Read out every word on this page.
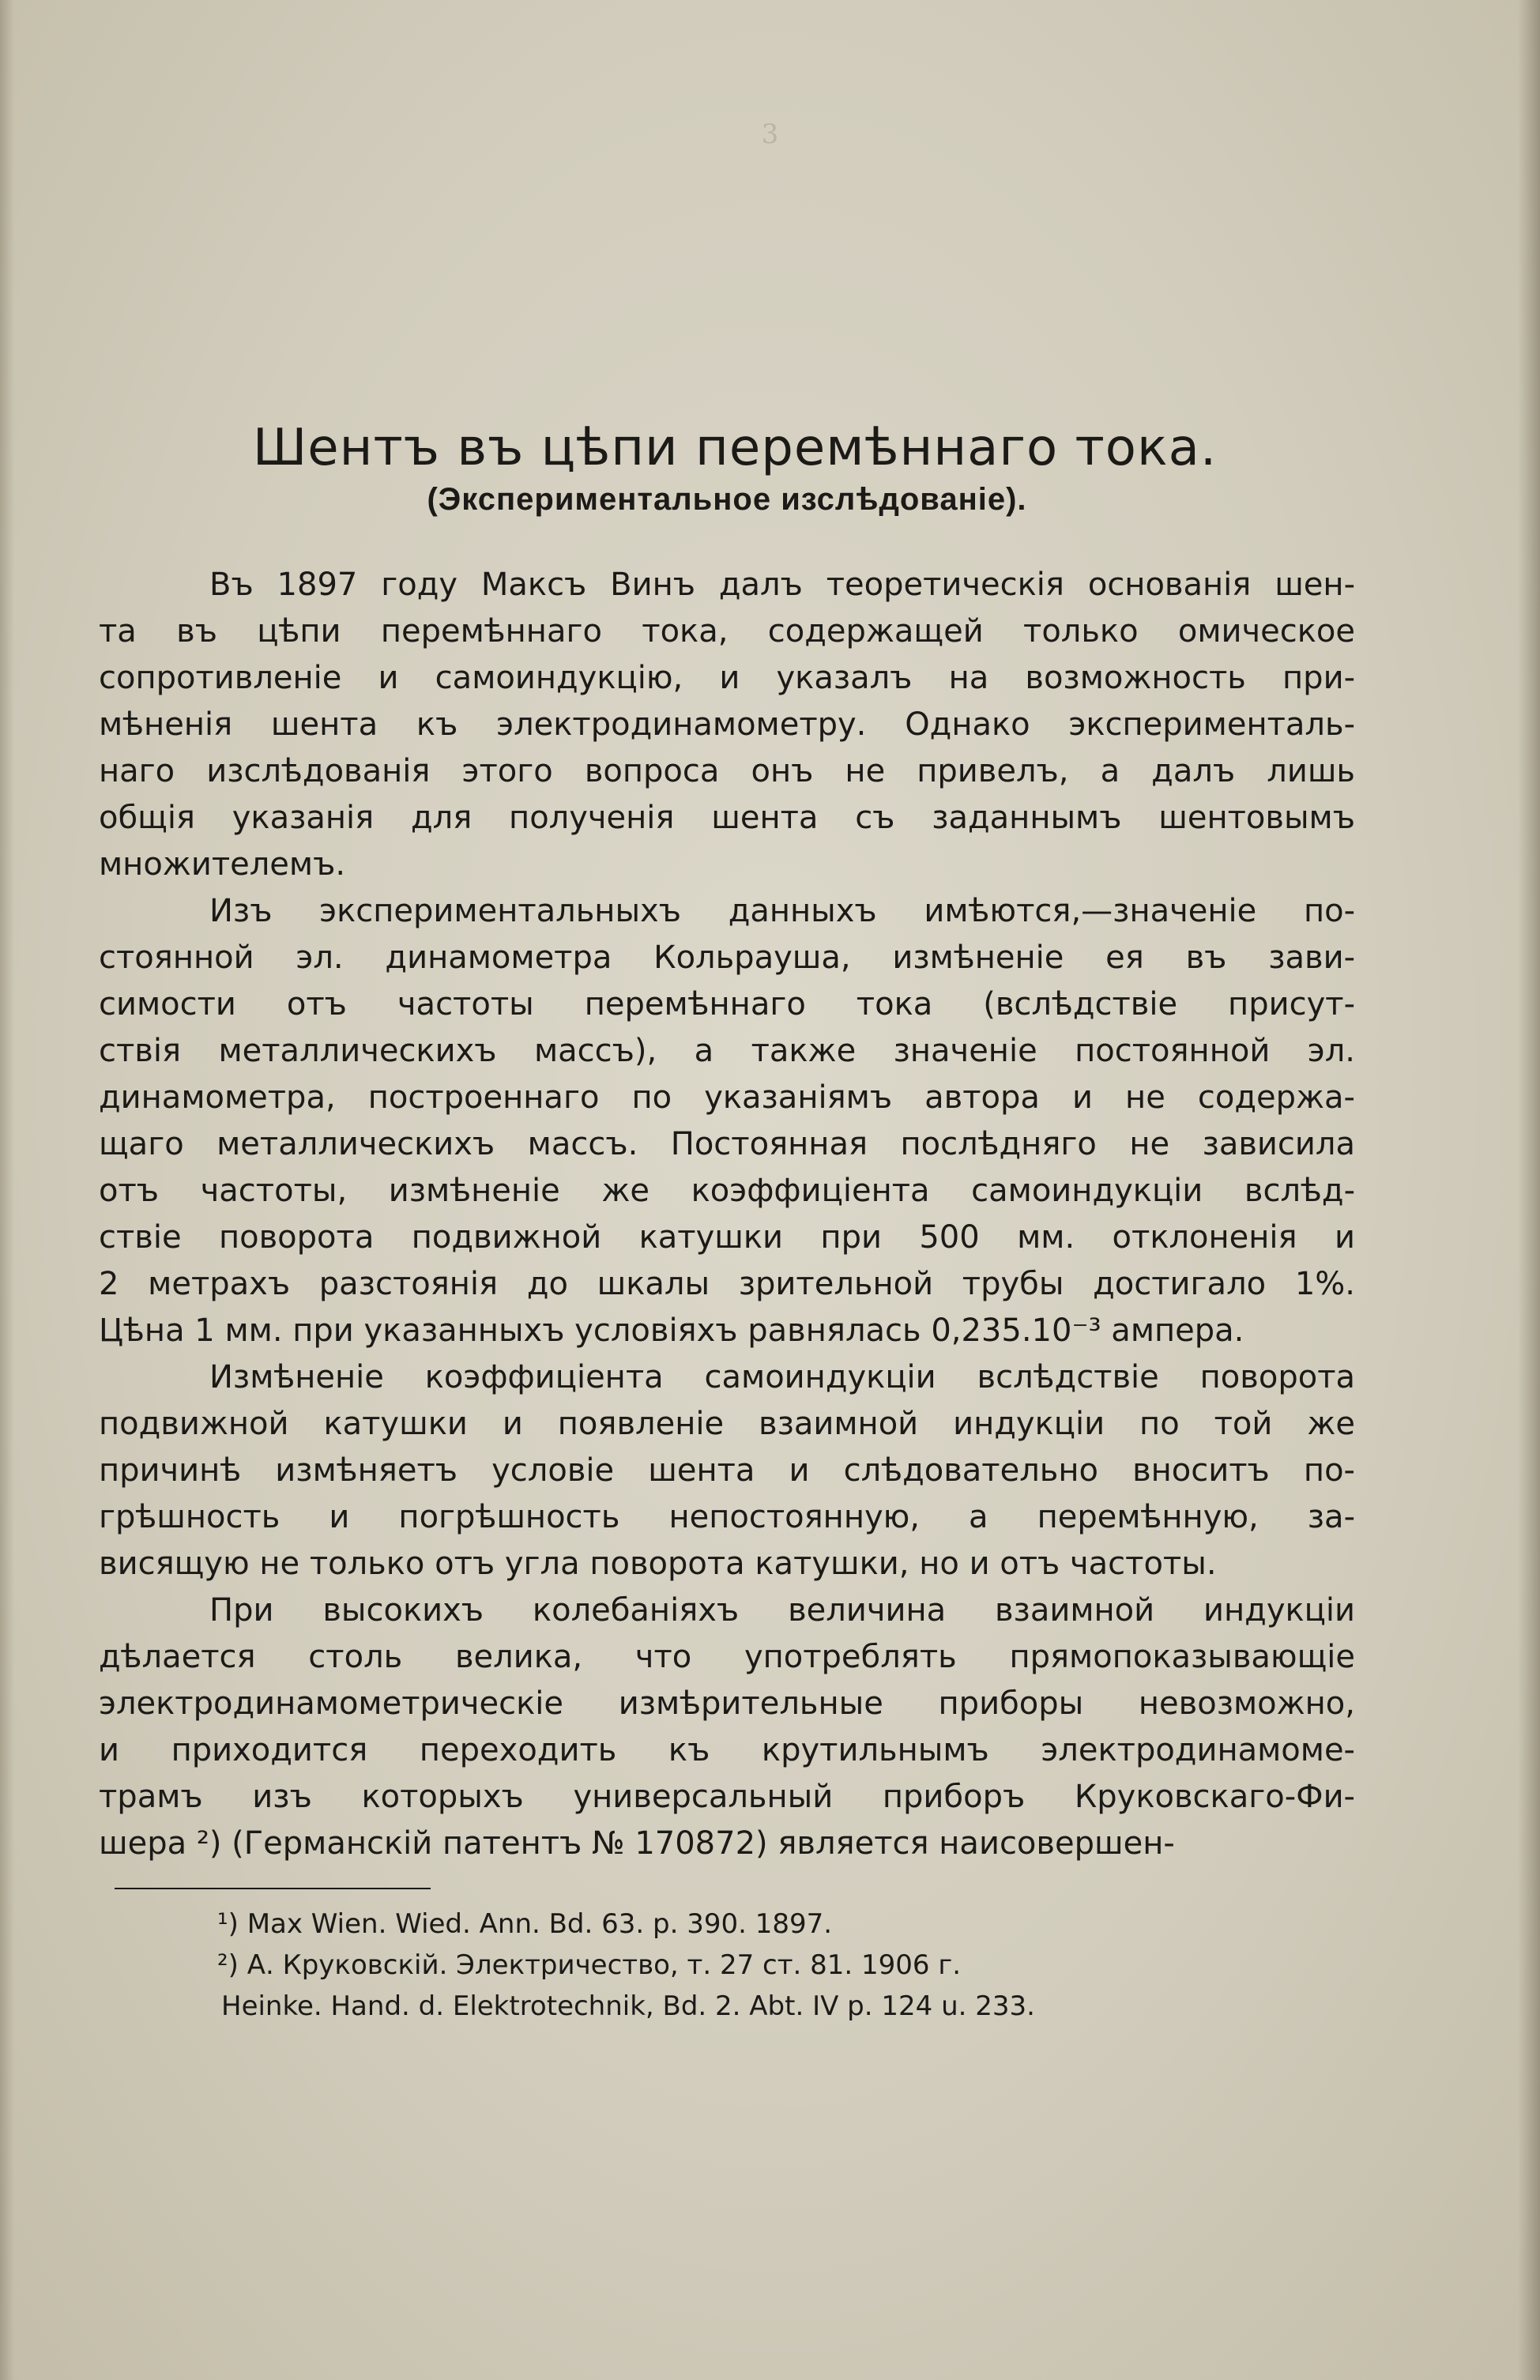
3
Шентъ въ цѣпи перемѣннаго тока.
(Экспериментальное изслѣдованіе).

Въ 1897 году Максъ Винъ далъ теоретическія основанія шен-
та въ цѣпи перемѣннаго тока, содержащей только омическое
сопротивленіе и самоиндукцію, и указалъ на возможность при-
мѣненія шента къ электродинамометру. Однако эксперименталь-
наго изслѣдованія этого вопроса онъ не привелъ, а далъ лишь
общія указанія для полученія шента съ заданнымъ шентовымъ
множителемъ.

Изъ экспериментальныхъ данныхъ имѣются,—значеніе по-
стоянной эл. динамометра Кольрауша, измѣненіе ея въ зави-
симости отъ частоты перемѣннаго тока (вслѣдствіе присут-
ствія металлическихъ массъ), а также значеніе постоянной эл.
динамометра, построеннаго по указаніямъ автора и не содержа-
щаго металлическихъ массъ. Постоянная послѣдняго не зависила
отъ частоты, измѣненіе же коэффиціента самоиндукціи вслѣд-
ствіе поворота подвижной катушки при 500 мм. отклоненія и
2 метрахъ разстоянія до шкалы зрительной трубы достигало 1%.
Цѣна 1 мм. при указанныхъ условіяхъ равнялась 0,235.10⁻³ ампера.

Измѣненіе коэффиціента самоиндукціи вслѣдствіе поворота
подвижной катушки и появленіе взаимной индукціи по той же
причинѣ измѣняетъ условіе шента и слѣдовательно вноситъ по-
грѣшность и погрѣшность непостоянную, а перемѣнную, за-
висящую не только отъ угла поворота катушки, но и отъ частоты.

При высокихъ колебаніяхъ величина взаимной индукціи
дѣлается столь велика, что употреблять прямопоказывающіе
электродинамометрическіе измѣрительные приборы невозможно,
и приходится переходить къ крутильнымъ электродинамоме-
трамъ изъ которыхъ универсальный приборъ Круковскаго-Фи-
шера ²) (Германскій патентъ № 170872) является наисовершен-

¹) Max Wien. Wied. Ann. Bd. 63. p. 390. 1897.
²) А. Круковскій. Электричество, т. 27 ст. 81. 1906 г.
Heinke. Hand. d. Elektrotechnik, Bd. 2. Abt. IV p. 124 u. 233.
